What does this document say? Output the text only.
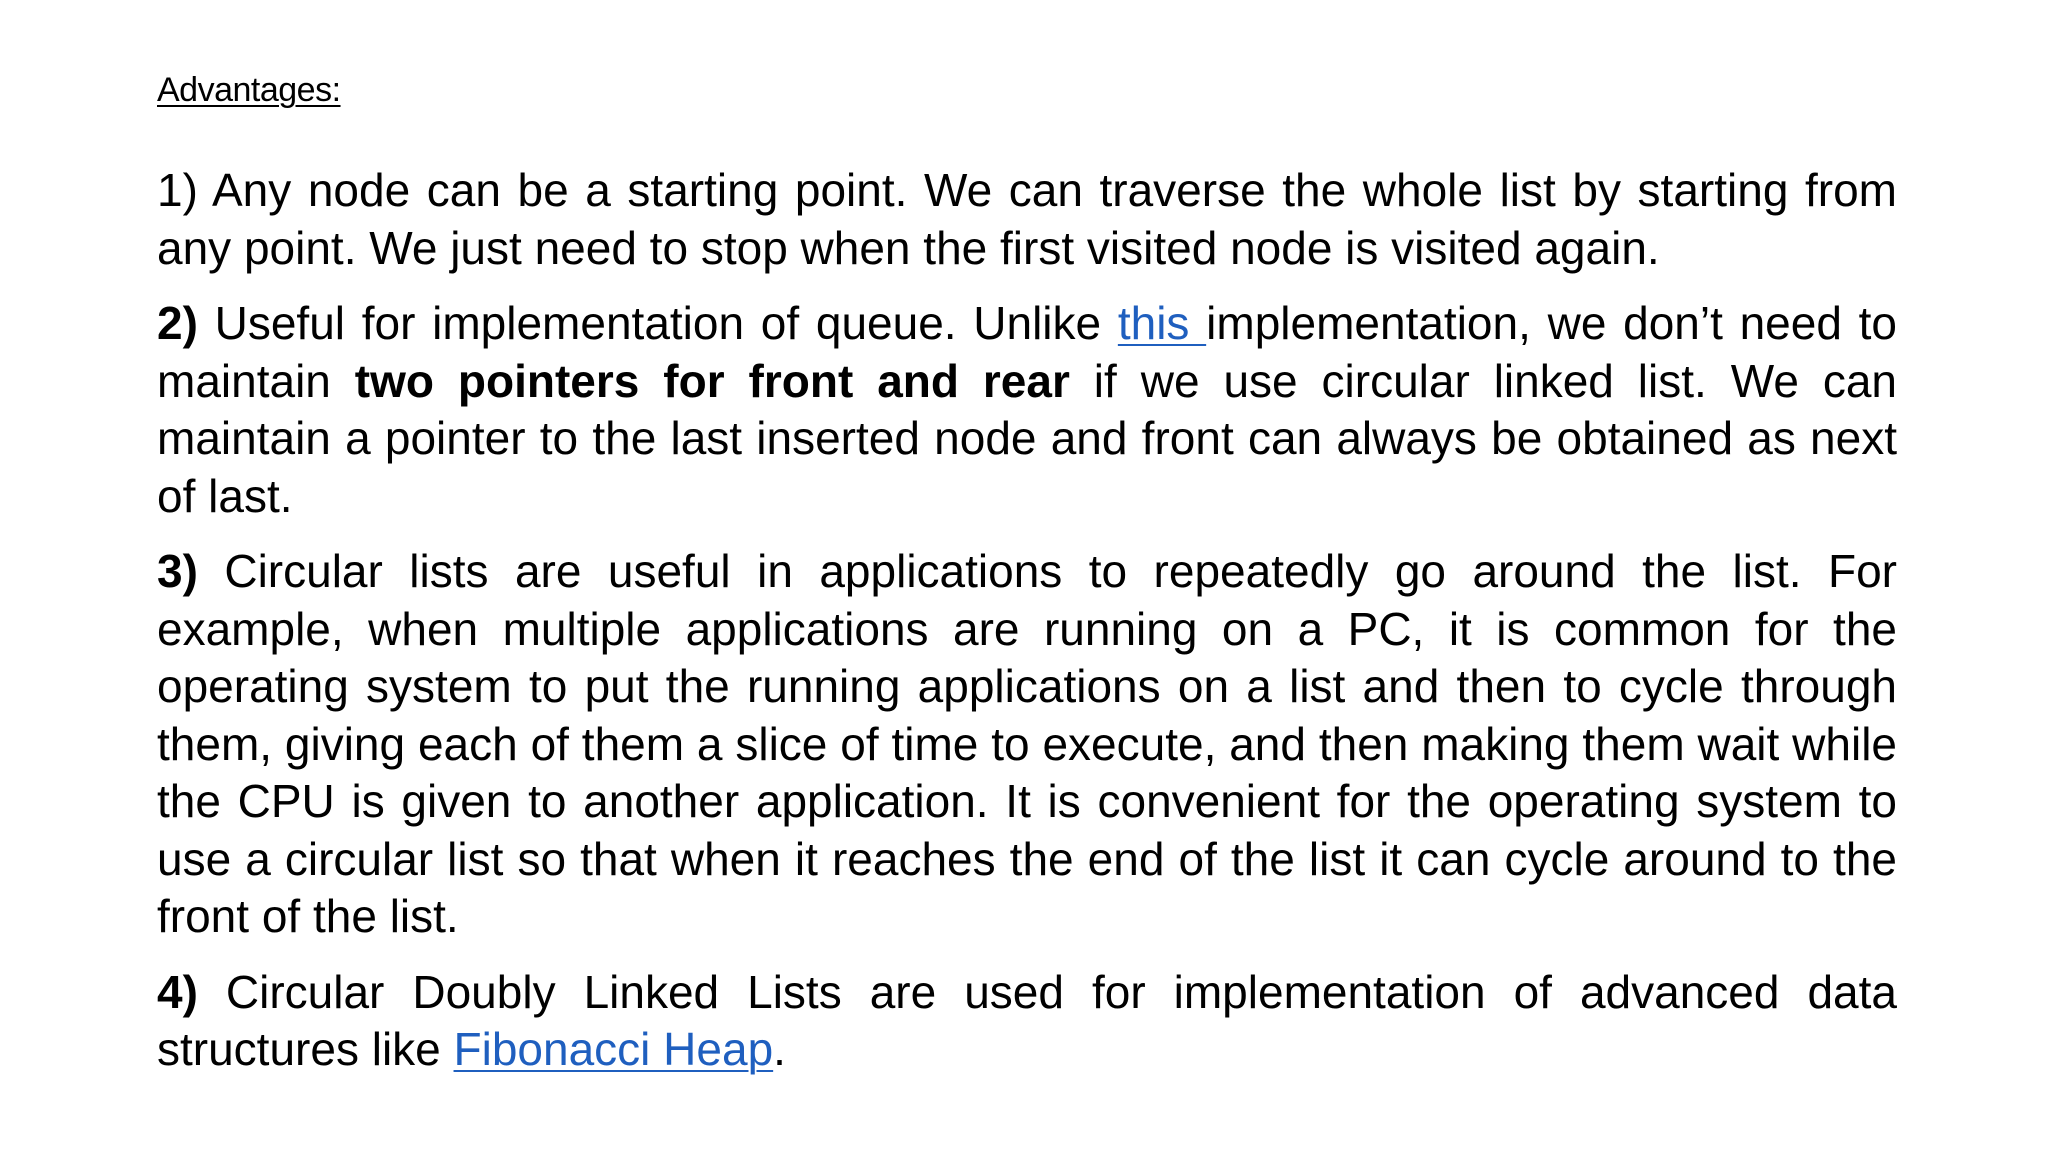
Advantages:

1) Any node can be a starting point. We can traverse the whole list by starting from any point. We just need to stop when the first visited node is visited again.

2) Useful for implementation of queue. Unlike this implementation, we don’t need to maintain two pointers for front and rear if we use circular linked list. We can maintain a pointer to the last inserted node and front can always be obtained as next of last.

3) Circular lists are useful in applications to repeatedly go around the list. For example, when multiple applications are running on a PC, it is common for the operating system to put the running applications on a list and then to cycle through them, giving each of them a slice of time to execute, and then making them wait while the CPU is given to another application. It is convenient for the operating system to use a circular list so that when it reaches the end of the list it can cycle around to the front of the list.

4) Circular Doubly Linked Lists are used for implementation of advanced data structures like Fibonacci Heap.
